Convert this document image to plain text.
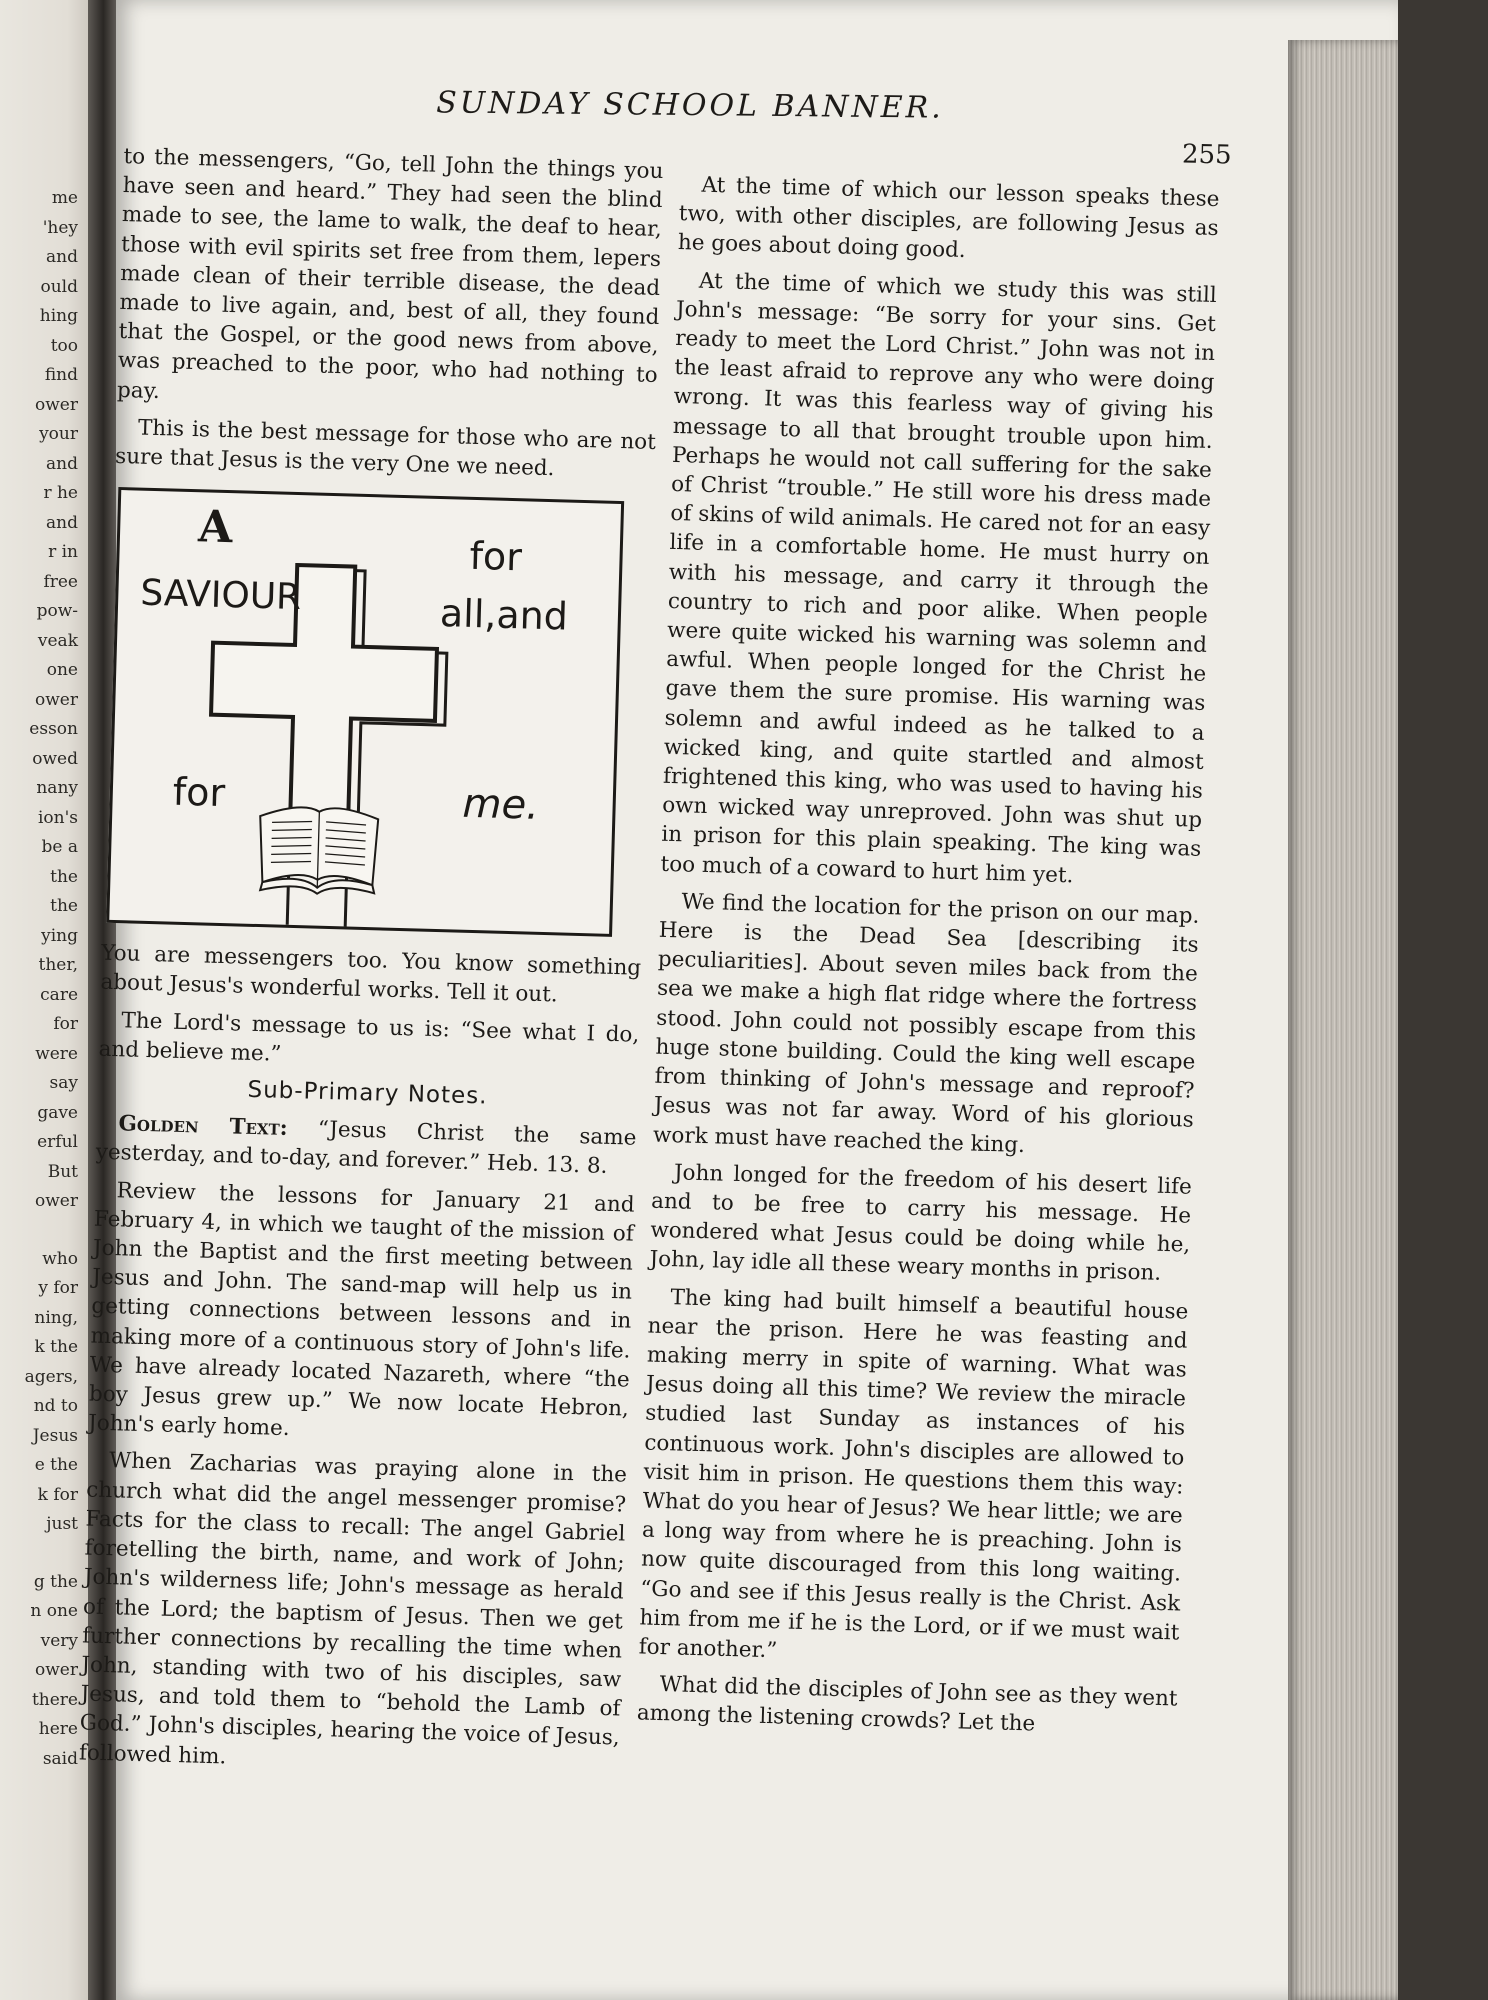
me
'hey
and
ould
hing
too
find
ower
your
and
r he
and
r in
free
pow-
veak
one
ower
esson
owed
nany
ion's
be a
the
the
ying
ther,
care
for
were
say
gave
erful
But
ower
who
y for
ning,
k the
agers,
nd to
Jesus
e the
k for
just
g the
n one
very
ower
there
here
said
SUNDAY SCHOOL BANNER.
255

to the messengers, “Go, tell John the things you have seen and heard.” They had seen the blind made to see, the lame to walk, the deaf to hear, those with evil spirits set free from them, lepers made clean of their terrible disease, the dead made to live again, and, best of all, they found that the Gospel, or the good news from above, was preached to the poor, who had nothing to pay.

This is the best message for those who are not sure that Jesus is the very One we need.

A
SAVIOUR
for
all,and
for	me.

You are messengers too. You know something about Jesus's wonderful works. Tell it out.

The Lord's message to us is: “See what I do, and believe me.”

Sub-Primary Notes.

Golden Text: “Jesus Christ the same yesterday, and to-day, and forever.” Heb. 13. 8.

Review the lessons for January 21 and February 4, in which we taught of the mission of John the Baptist and the first meeting between Jesus and John. The sand-map will help us in getting connections between lessons and in making more of a continuous story of John's life. We have already located Nazareth, where “the boy Jesus grew up.” We now locate Hebron, John's early home.

When Zacharias was praying alone in the church what did the angel messenger promise? Facts for the class to recall: The angel Gabriel foretelling the birth, name, and work of John; John's wilderness life; John's message as herald of the Lord; the baptism of Jesus. Then we get further connections by recalling the time when John, standing with two of his disciples, saw Jesus, and told them to “behold the Lamb of God.” John's disciples, hearing the voice of Jesus, followed him.

At the time of which our lesson speaks these two, with other disciples, are following Jesus as he goes about doing good.

At the time of which we study this was still John's message: “Be sorry for your sins. Get ready to meet the Lord Christ.” John was not in the least afraid to reprove any who were doing wrong. It was this fearless way of giving his message to all that brought trouble upon him. Perhaps he would not call suffering for the sake of Christ “trouble.” He still wore his dress made of skins of wild animals. He cared not for an easy life in a comfortable home. He must hurry on with his message, and carry it through the country to rich and poor alike. When people were quite wicked his warning was solemn and awful. When people longed for the Christ he gave them the sure promise. His warning was solemn and awful indeed as he talked to a wicked king, and quite startled and almost frightened this king, who was used to having his own wicked way unreproved. John was shut up in prison for this plain speaking. The king was too much of a coward to hurt him yet.

We find the location for the prison on our map. Here is the Dead Sea [describing its peculiarities]. About seven miles back from the sea we make a high flat ridge where the fortress stood. John could not possibly escape from this huge stone building. Could the king well escape from thinking of John's message and reproof? Jesus was not far away. Word of his glorious work must have reached the king.

John longed for the freedom of his desert life and to be free to carry his message. He wondered what Jesus could be doing while he, John, lay idle all these weary months in prison.

The king had built himself a beautiful house near the prison. Here he was feasting and making merry in spite of warning. What was Jesus doing all this time? We review the miracle studied last Sunday as instances of his continuous work. John's disciples are allowed to visit him in prison. He questions them this way: What do you hear of Jesus? We hear little; we are a long way from where he is preaching. John is now quite discouraged from this long waiting. “Go and see if this Jesus really is the Christ. Ask him from me if he is the Lord, or if we must wait for another.”

What did the disciples of John see as they went among the listening crowds? Let the
